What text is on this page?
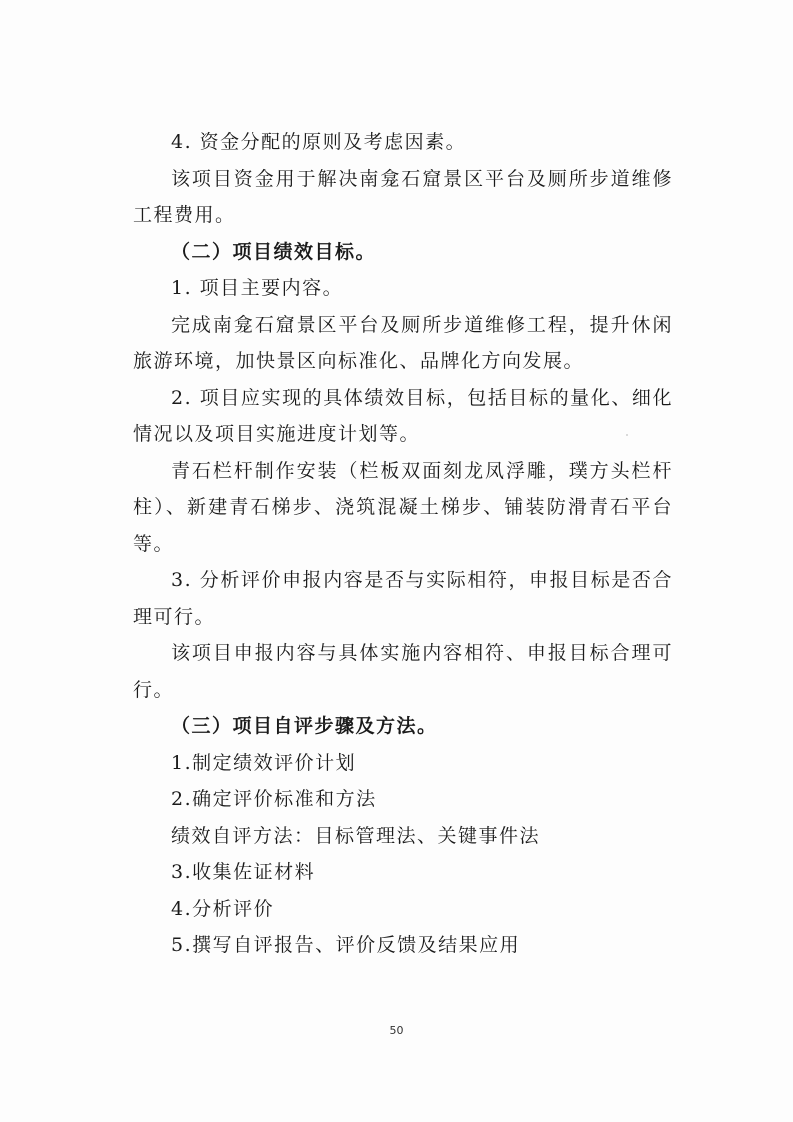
4. 资金分配的原则及考虑因素。

该项目资金用于解决南龛石窟景区平台及厕所步道维修工程费用。

（二）项目绩效目标。

1. 项目主要内容。

完成南龛石窟景区平台及厕所步道维修工程，提升休闲旅游环境，加快景区向标准化、品牌化方向发展。

2. 项目应实现的具体绩效目标，包括目标的量化、细化情况以及项目实施进度计划等。

青石栏杆制作安装（栏板双面刻龙凤浮雕，璞方头栏杆柱）、新建青石梯步、浇筑混凝土梯步、铺装防滑青石平台等。

3. 分析评价申报内容是否与实际相符，申报目标是否合理可行。

该项目申报内容与具体实施内容相符、申报目标合理可行。

（三）项目自评步骤及方法。

1.制定绩效评价计划

2.确定评价标准和方法

绩效自评方法：目标管理法、关键事件法

3.收集佐证材料

4.分析评价

5.撰写自评报告、评价反馈及结果应用

50
